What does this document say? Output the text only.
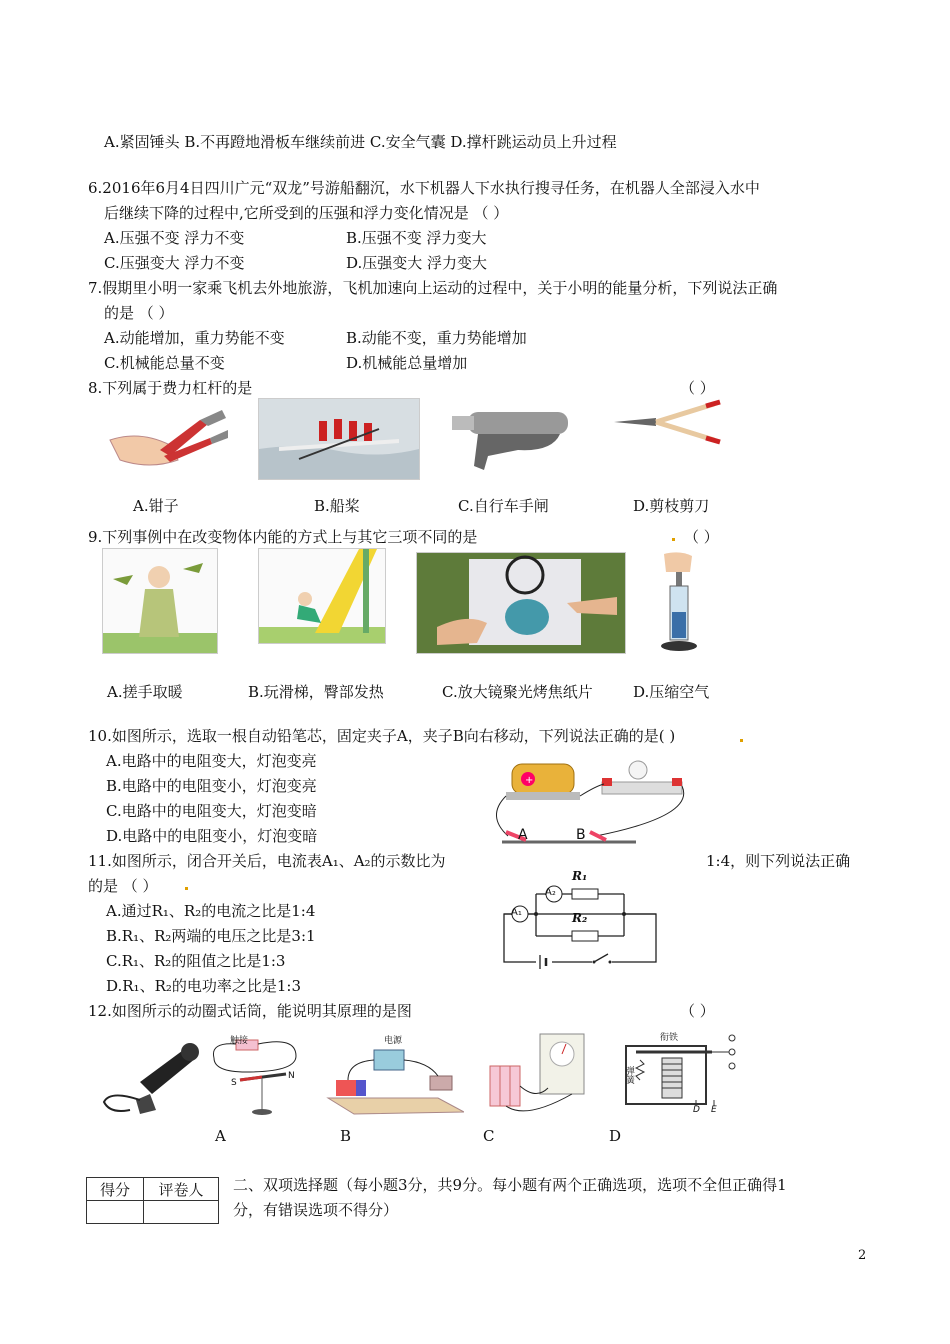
A.紧固锤头 B.不再蹬地滑板车继续前进 C.安全气囊 D.撑杆跳运动员上升过程
6.2016年6月4日四川广元“双龙”号游船翻沉，水下机器人下水执行搜寻任务，在机器人全部浸入水中
后继续下降的过程中,它所受到的压强和浮力变化情况是 （ ）
A.压强不变 浮力不变	B.压强不变 浮力变大
C.压强变大 浮力不变	D.压强变大 浮力变大
7.假期里小明一家乘飞机去外地旅游，飞机加速向上运动的过程中，关于小明的能量分析，下列说法正确
的是 （ ）
A.动能增加，重力势能不变	B.动能不变，重力势能增加
C.机械能总量不变	D.机械能总量增加
8.下列属于费力杠杆的是	（ ）
A.钳子	B.船桨	C.自行车手闸	D.剪枝剪刀
9.下列事例中在改变物体内能的方式上与其它三项不同的是	（ ）
A.搓手取暖	B.玩滑梯，臀部发热	C.放大镜聚光烤焦纸片	D.压缩空气
10.如图所示，选取一根自动铅笔芯，固定夹子A，夹子B向右移动，下列说法正确的是( )
A.电路中的电阻变大，灯泡变亮
B.电路中的电阻变小，灯泡变亮
C.电路中的电阻变大，灯泡变暗
D.电路中的电阻变小，灯泡变暗
+
A	B
11.如图所示，闭合开关后，电流表A₁、A₂的示数比为	1:4，则下列说法正确
的是 （ ）
A.通过R₁、R₂的电流之比是1:4
B.R₁、R₂两端的电压之比是3:1
C.R₁、R₂的阻值之比是1:3
D.R₁、R₂的电功率之比是1:3
A₁
A₂
R₁
R₂
12.如图所示的动圈式话筒，能说明其原理的是图	（ ）
触接
S
N
电源	衔铁
弹簧
D E
A	B	C	D
得分	评卷人
	二、双项选择题（每小题3分，共9分。每小题有两个正确选项，选项不全但正确得1
分，有错误选项不得分）
2
